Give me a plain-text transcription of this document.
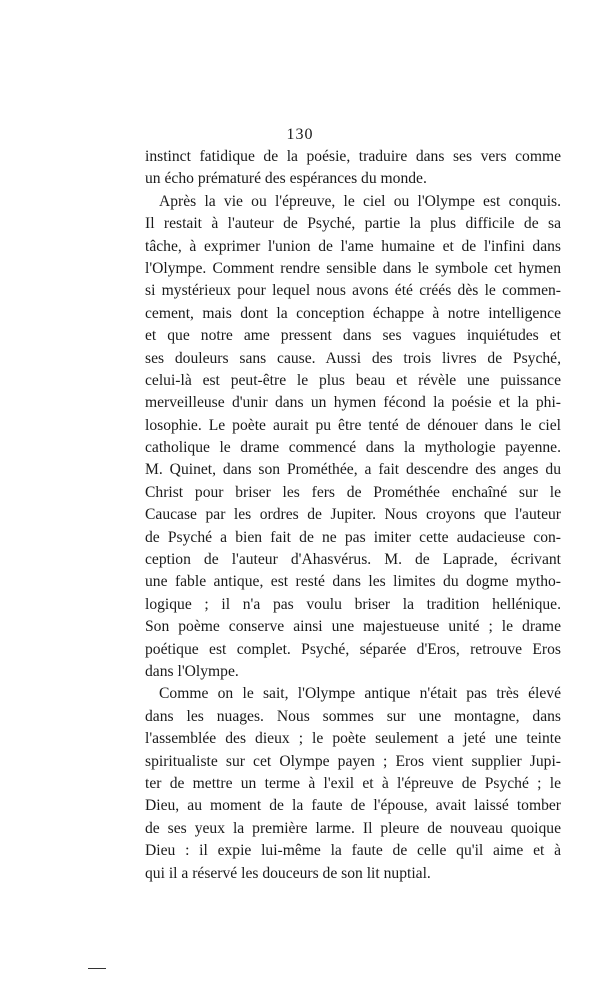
130
instinct fatidique de la poésie, traduire dans ses vers comme
un écho prématuré des espérances du monde.
Après la vie ou l'épreuve, le ciel ou l'Olympe est conquis.
Il restait à l'auteur de Psyché, partie la plus difficile de sa
tâche, à exprimer l'union de l'ame humaine et de l'infini dans
l'Olympe. Comment rendre sensible dans le symbole cet hymen
si mystérieux pour lequel nous avons été créés dès le commen-
cement, mais dont la conception échappe à notre intelligence
et que notre ame pressent dans ses vagues inquiétudes et
ses douleurs sans cause. Aussi des trois livres de Psyché,
celui-là est peut-être le plus beau et révèle une puissance
merveilleuse d'unir dans un hymen fécond la poésie et la phi-
losophie. Le poète aurait pu être tenté de dénouer dans le ciel
catholique le drame commencé dans la mythologie payenne.
M. Quinet, dans son Prométhée, a fait descendre des anges du
Christ pour briser les fers de Prométhée enchaîné sur le
Caucase par les ordres de Jupiter. Nous croyons que l'auteur
de Psyché a bien fait de ne pas imiter cette audacieuse con-
ception de l'auteur d'Ahasvérus. M. de Laprade, écrivant
une fable antique, est resté dans les limites du dogme mytho-
logique ; il n'a pas voulu briser la tradition hellénique.
Son poème conserve ainsi une majestueuse unité ; le drame
poétique est complet. Psyché, séparée d'Eros, retrouve Eros
dans l'Olympe.
Comme on le sait, l'Olympe antique n'était pas très élevé
dans les nuages. Nous sommes sur une montagne, dans
l'assemblée des dieux ; le poète seulement a jeté une teinte
spiritualiste sur cet Olympe payen ; Eros vient supplier Jupi-
ter de mettre un terme à l'exil et à l'épreuve de Psyché ; le
Dieu, au moment de la faute de l'épouse, avait laissé tomber
de ses yeux la première larme. Il pleure de nouveau quoique
Dieu : il expie lui-même la faute de celle qu'il aime et à
qui il a réservé les douceurs de son lit nuptial.
